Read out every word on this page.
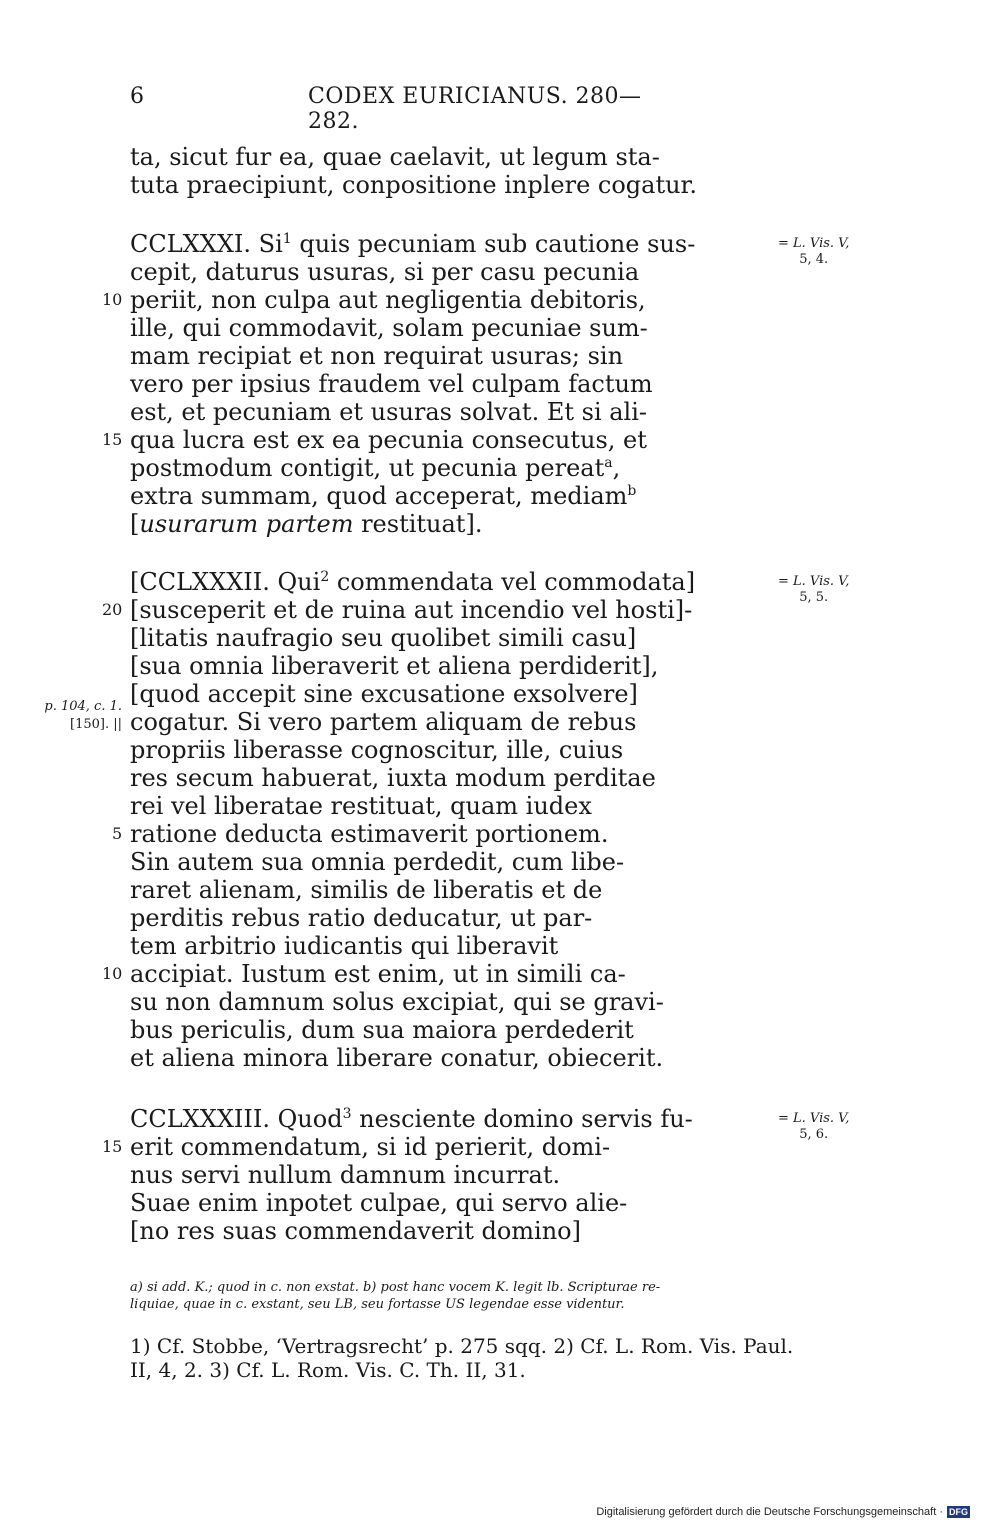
6	CODEX EURICIANUS. 280—282.
ta, sicut fur ea, quae caelavit, ut legum sta-
tuta praecipiunt, conpositione inplere cogatur.
CCLXXXI. Si$^1$ quis pecuniam sub cautione sus-
cepit, daturus usuras, si per casu pecunia
periit, non culpa aut negligentia debitoris,
ille, qui commodavit, solam pecuniae sum-
mam recipiat et non requirat usuras; sin
vero per ipsius fraudem vel culpam factum
est, et pecuniam et usuras solvat. Et si ali-
qua lucra est ex ea pecunia consecutus, et
postmodum contigit, ut pecunia pereat$^a$,
extra summam, quod acceperat, mediam$^b$
[usurarum partem restituat].
[CCLXXXII. Qui$^2$ commendata vel commodata]
[susceperit et de ruina aut incendio vel hosti]-
[litatis naufragio seu quolibet simili casu]
[sua omnia liberaverit et aliena perdiderit],
[quod accepit sine excusatione exsolvere]
cogatur. Si vero partem aliquam de rebus
propriis liberasse cognoscitur, ille, cuius
res secum habuerat, iuxta modum perditae
rei vel liberatae restituat, quam iudex
ratione deducta estimaverit portionem.
Sin autem sua omnia perdedit, cum libe-
raret alienam, similis de liberatis et de
perditis rebus ratio deducatur, ut par-
tem arbitrio iudicantis qui liberavit
accipiat. Iustum est enim, ut in simili ca-
su non damnum solus excipiat, qui se gravi-
bus periculis, dum sua maiora perdederit
et aliena minora liberare conatur, obiecerit.
CCLXXXIII. Quod$^3$ nesciente domino servis fu-
erit commendatum, si id perierit, domi-
nus servi nullum damnum incurrat.
Suae enim inpotet culpae, qui servo alie-
[no res suas commendaverit domino]
10
15
20
5
10
15
= L. Vis. V,
5, 4.
= L. Vis. V,
5, 5.
= L. Vis. V,
5, 6.
p. 104, c. 1.
[150]. ||
a) si add. K.; quod in c. non exstat. b) post hanc vocem K. legit lb. Scripturae re-
liquiae, quae in c. exstant, seu LB, seu fortasse US legendae esse videntur.
1) Cf. Stobbe, ‘Vertragsrecht’ p. 275 sqq. 2) Cf. L. Rom. Vis. Paul.
II, 4, 2. 3) Cf. L. Rom. Vis. C. Th. II, 31.
Digitalisierung gefördert durch die Deutsche Forschungsgemeinschaft · DFG
